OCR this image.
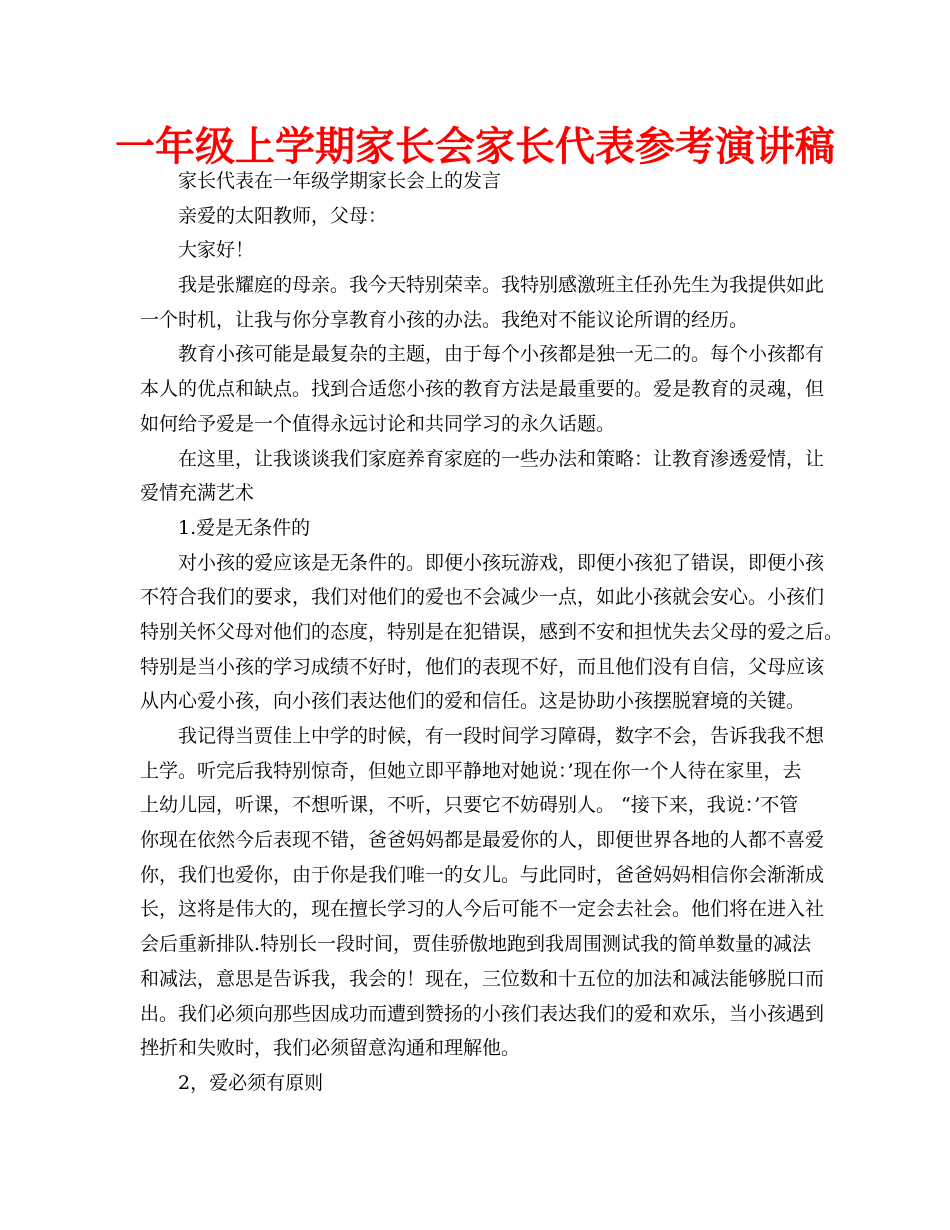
一年级上学期家长会家长代表参考演讲稿
家长代表在一年级学期家长会上的发言
亲爱的太阳教师，父母：
大家好！
我是张耀庭的母亲。我今天特别荣幸。我特别感激班主任孙先生为我提供如此
一个时机，让我与你分享教育小孩的办法。我绝对不能议论所谓的经历。
教育小孩可能是最复杂的主题，由于每个小孩都是独一无二的。每个小孩都有
本人的优点和缺点。找到合适您小孩的教育方法是最重要的。爱是教育的灵魂，但
如何给予爱是一个值得永远讨论和共同学习的永久话题。
在这里，让我谈谈我们家庭养育家庭的一些办法和策略：让教育渗透爱情，让
爱情充满艺术
1.爱是无条件的
对小孩的爱应该是无条件的。即便小孩玩游戏，即便小孩犯了错误，即便小孩
不符合我们的要求，我们对他们的爱也不会减少一点，如此小孩就会安心。小孩们
特别关怀父母对他们的态度，特别是在犯错误，感到不安和担忧失去父母的爱之后。
特别是当小孩的学习成绩不好时，他们的表现不好，而且他们没有自信，父母应该
从内心爱小孩，向小孩们表达他们的爱和信任。这是协助小孩摆脱窘境的关键。
我记得当贾佳上中学的时候，有一段时间学习障碍，数字不会，告诉我我不想
上学。听完后我特别惊奇，但她立即平静地对她说：’现在你一个人待在家里，去
上幼儿园，听课，不想听课，不听，只要它不妨碍别人。 “接下来，我说：’不管
你现在依然今后表现不错，爸爸妈妈都是最爱你的人，即便世界各地的人都不喜爱
你，我们也爱你，由于你是我们唯一的女儿。与此同时，爸爸妈妈相信你会渐渐成
长，这将是伟大的，现在擅长学习的人今后可能不一定会去社会。他们将在进入社
会后重新排队.特别长一段时间，贾佳骄傲地跑到我周围测试我的简单数量的减法
和减法，意思是告诉我，我会的！现在，三位数和十五位的加法和减法能够脱口而
出。我们必须向那些因成功而遭到赞扬的小孩们表达我们的爱和欢乐，当小孩遇到
挫折和失败时，我们必须留意沟通和理解他。
2，爱必须有原则
